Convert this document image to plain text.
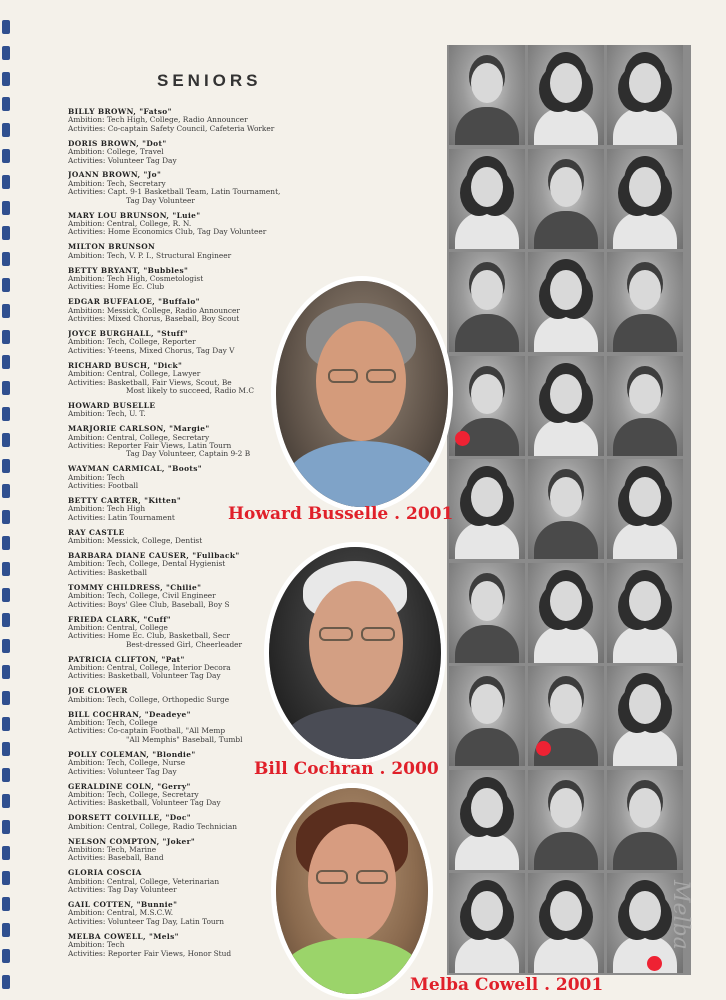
SENIORS
BILLY BROWN, "Fatso"
Ambition: Tech High, College, Radio Announcer
Activities: Co-captain Safety Council, Cafeteria Worker
DORIS BROWN, "Dot"
Ambition: College, Travel
Activities: Volunteer Tag Day
JOANN BROWN, "Jo"
Ambition: Tech, Secretary
Activities: Capt. 9-1 Basketball Team, Latin Tournament,
Tag Day Volunteer
MARY LOU BRUNSON, "Luie"
Ambition: Central, College, R. N.
Activities: Home Economics Club, Tag Day Volunteer
MILTON BRUNSON
Ambition: Tech, V. P. I., Structural Engineer
BETTY BRYANT, "Bubbles"
Ambition: Tech High, Cosmetologist
Activities: Home Ec. Club
EDGAR BUFFALOE, "Buffalo"
Ambition: Messick, College, Radio Announcer
Activities: Mixed Chorus, Baseball, Boy Scout
JOYCE BURGHALL, "Stuff"
Ambition: Tech, College, Reporter
Activities: Y-teens, Mixed Chorus, Tag Day V
RICHARD BUSCH, "Dick"
Ambition: Central, College, Lawyer
Activities: Basketball, Fair Views, Scout, Be
Most likely to succeed, Radio M.C
HOWARD BUSELLE
Ambition: Tech, U. T.
MARJORIE CARLSON, "Margie"
Ambition: Central, College, Secretary
Activities: Reporter Fair Views, Latin Tourn
Tag Day Volunteer, Captain 9-2 B
WAYMAN CARMICAL, "Boots"
Ambition: Tech
Activities: Football
BETTY CARTER, "Kitten"
Ambition: Tech High
Activities: Latin Tournament
RAY CASTLE
Ambition: Messick, College, Dentist
BARBARA DIANE CAUSER, "Fullback"
Ambition: Tech, College, Dental Hygienist
Activities: Basketball
TOMMY CHILDRESS, "Chilie"
Ambition: Tech, College, Civil Engineer
Activities: Boys' Glee Club, Baseball, Boy S
FRIEDA CLARK, "Cuff"
Ambition: Central, College
Activities: Home Ec. Club, Basketball, Secr
Best-dressed Girl, Cheerleader
PATRICIA CLIFTON, "Pat"
Ambition: Central, College, Interior Decora
Activities: Basketball, Volunteer Tag Day
JOE CLOWER
Ambition: Tech, College, Orthopedic Surge
BILL COCHRAN, "Deadeye"
Ambition: Tech, College
Activities: Co-captain Football, "All Memp
"All Memphis" Baseball, Tumbl
POLLY COLEMAN, "Blondie"
Ambition: Tech, College, Nurse
Activities: Volunteer Tag Day
GERALDINE COLN, "Gerry"
Ambition: Tech, College, Secretary
Activities: Basketball, Volunteer Tag Day
DORSETT COLVILLE, "Doc"
Ambition: Central, College, Radio Technician
NELSON COMPTON, "Joker"
Ambition: Tech, Marine
Activities: Baseball, Band
GLORIA COSCIA
Ambition: Central, College, Veterinarian
Activities: Tag Day Volunteer
GAIL COTTEN, "Bunnie"
Ambition: Central, M.S.C.W.
Activities: Volunteer Tag Day, Latin Tourn
MELBA COWELL, "Mels"
Ambition: Tech
Activities: Reporter Fair Views, Honor Stud
Howard Busselle . 2001
Bill Cochran . 2000
Melba Cowell . 2001
Melba
